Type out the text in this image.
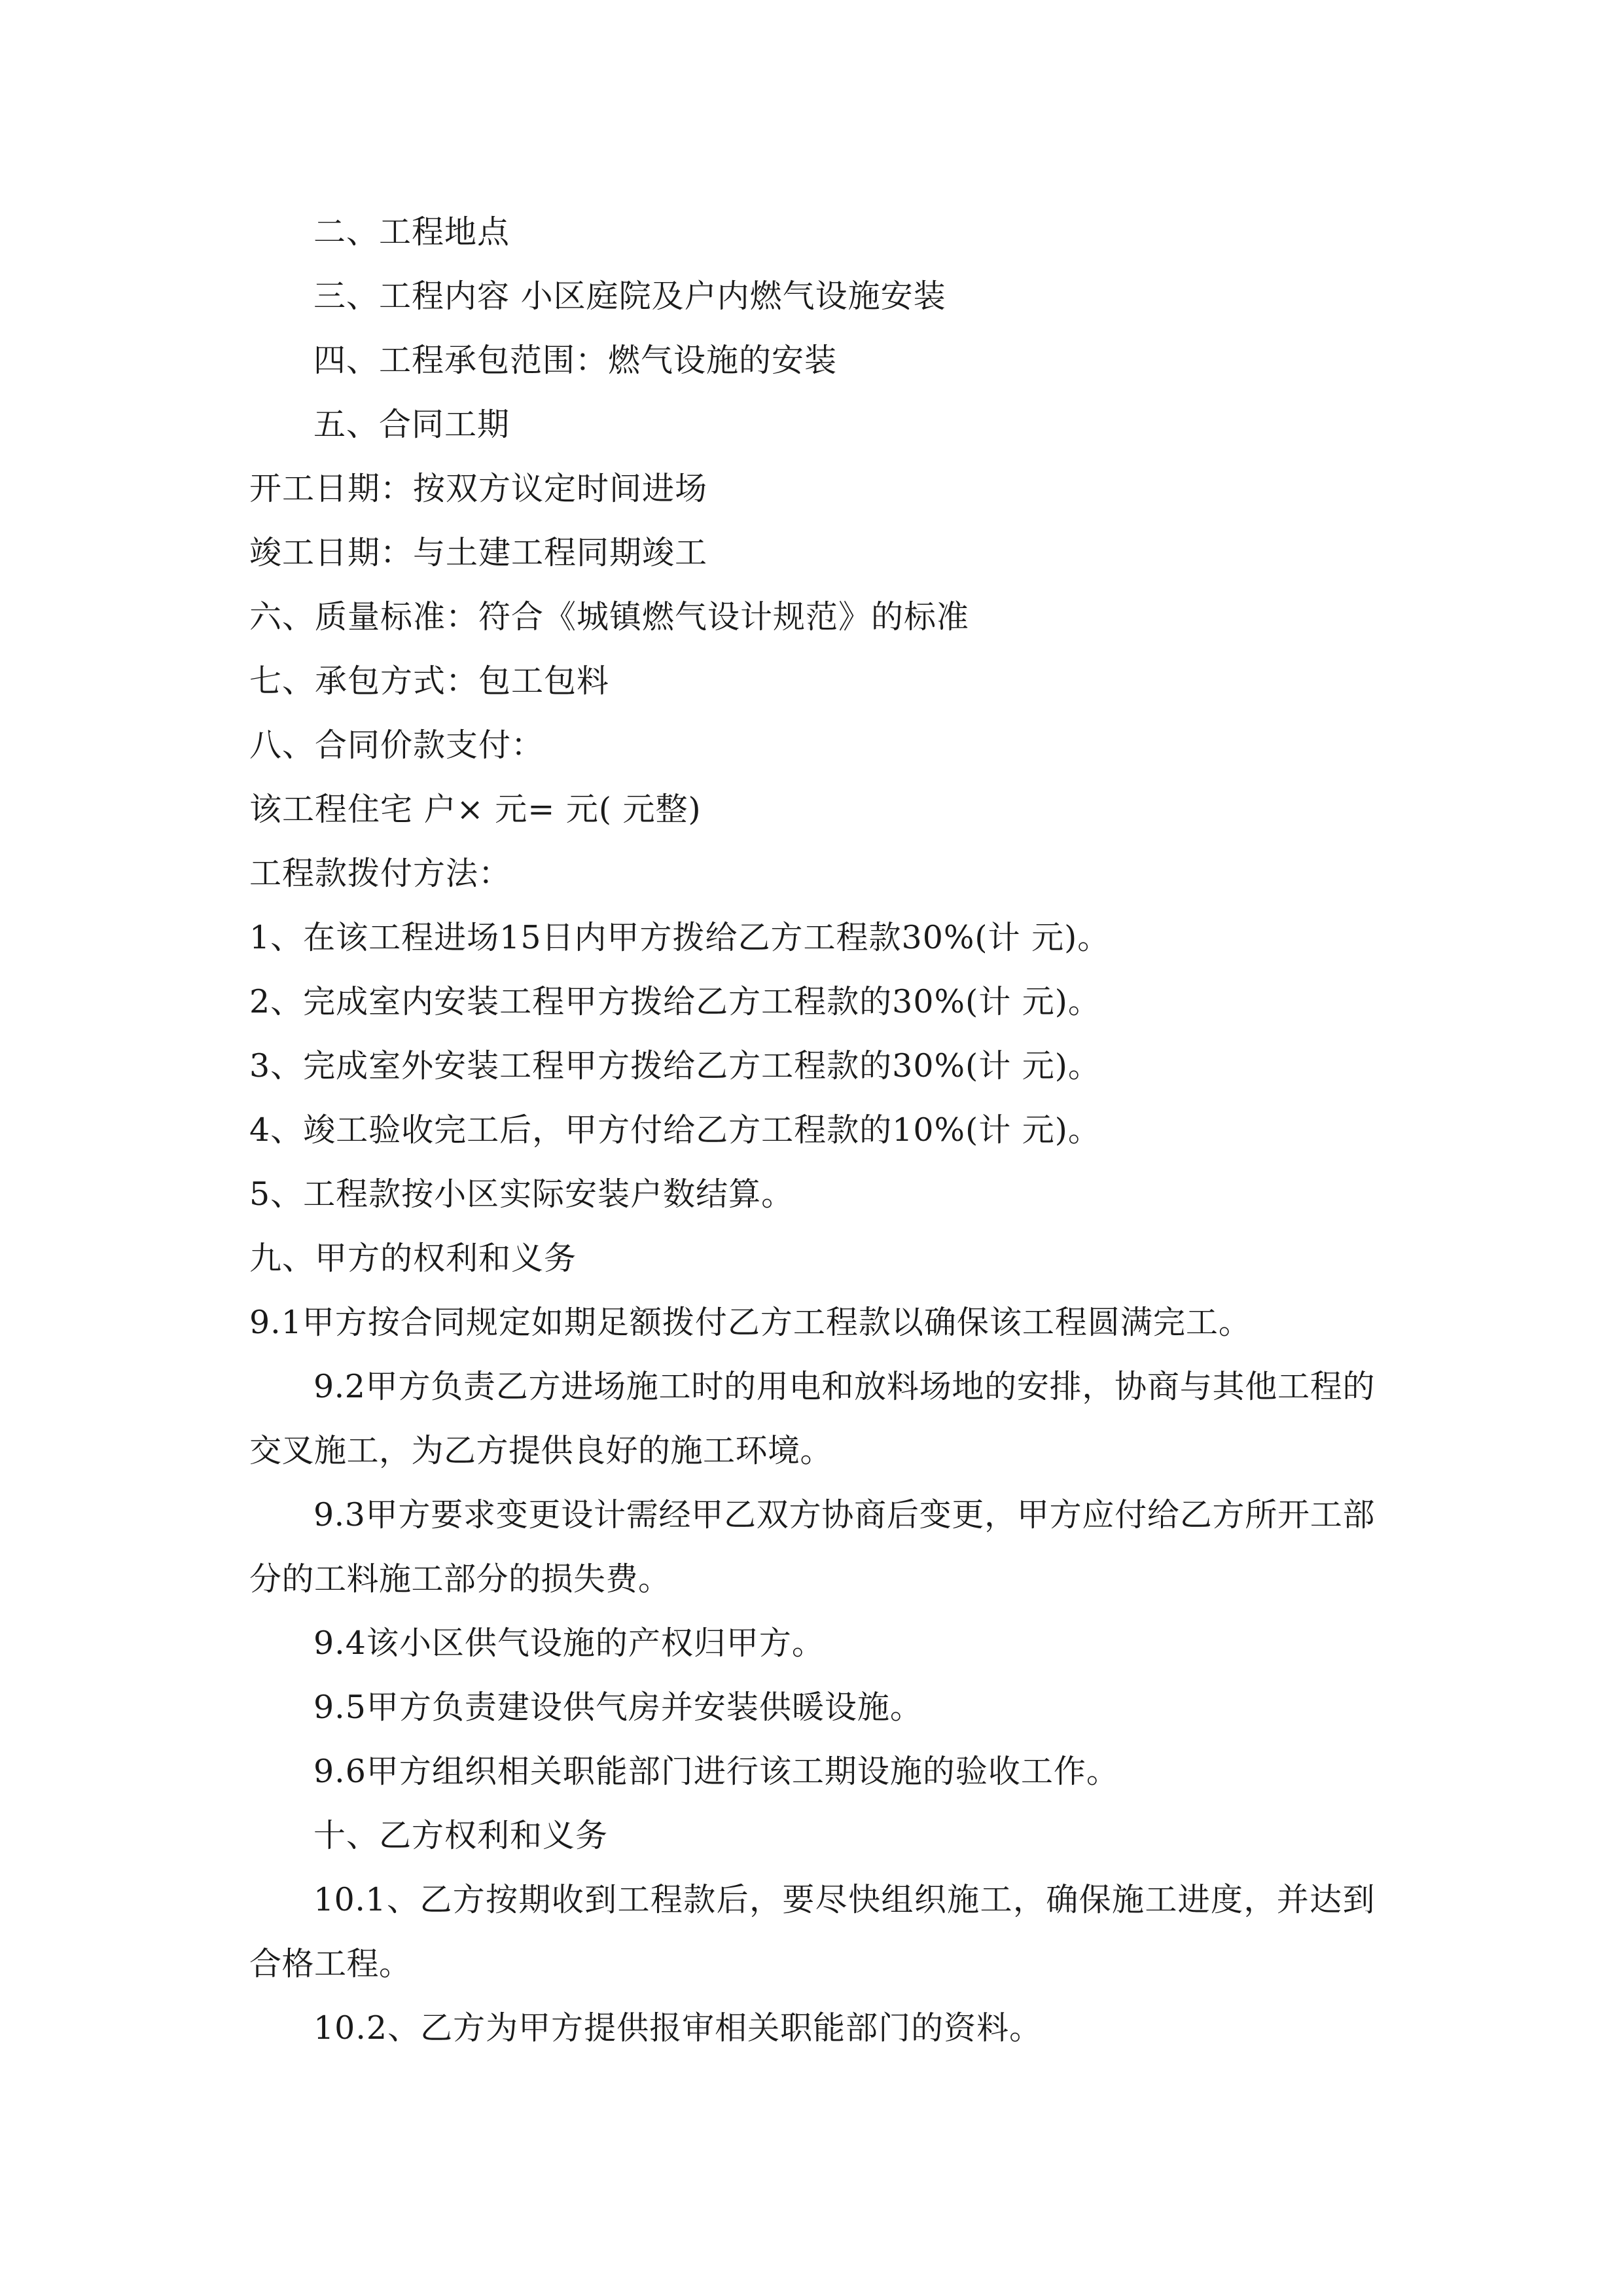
二、工程地点
三、工程内容 小区庭院及户内燃气设施安装
四、工程承包范围：燃气设施的安装
五、合同工期
开工日期：按双方议定时间进场
竣工日期：与土建工程同期竣工
六、质量标准：符合《城镇燃气设计规范》的标准
七、承包方式：包工包料
八、合同价款支付：
该工程住宅 户× 元= 元( 元整)
工程款拨付方法：
1、在该工程进场15日内甲方拨给乙方工程款30%(计 元)。
2、完成室内安装工程甲方拨给乙方工程款的30%(计 元)。
3、完成室外安装工程甲方拨给乙方工程款的30%(计 元)。
4、竣工验收完工后，甲方付给乙方工程款的10%(计 元)。
5、工程款按小区实际安装户数结算。
九、甲方的权利和义务
9.1甲方按合同规定如期足额拨付乙方工程款以确保该工程圆满完工。
9.2甲方负责乙方进场施工时的用电和放料场地的安排，协商与其他工程的交叉施工，为乙方提供良好的施工环境。
9.3甲方要求变更设计需经甲乙双方协商后变更，甲方应付给乙方所开工部分的工料施工部分的损失费。
9.4该小区供气设施的产权归甲方。
9.5甲方负责建设供气房并安装供暖设施。
9.6甲方组织相关职能部门进行该工期设施的验收工作。
十、乙方权利和义务
10.1、乙方按期收到工程款后，要尽快组织施工，确保施工进度，并达到合格工程。
10.2、乙方为甲方提供报审相关职能部门的资料。
